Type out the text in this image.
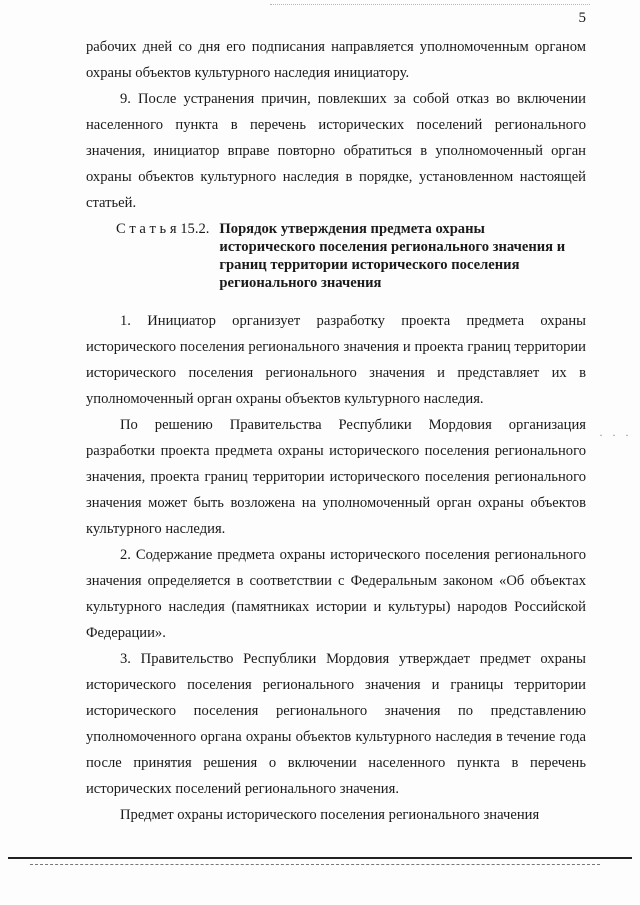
5

рабочих дней со дня его подписания направляется уполномоченным органом охраны объектов культурного наследия инициатору.

9. После устранения причин, повлекших за собой отказ во включении населенного пункта в перечень исторических поселений регионального значения, инициатор вправе повторно обратиться в уполномоченный орган охраны объектов культурного наследия в порядке, установленном настоящей статьей.

С т а т ь я 15.2. Порядок утверждения предмета охраны исторического поселения регионального значения и границ территории исторического поселения регионального значения

1. Инициатор организует разработку проекта предмета охраны исторического поселения регионального значения и проекта границ территории исторического поселения регионального значения и представляет их в уполномоченный орган охраны объектов культурного наследия.

По решению Правительства Республики Мордовия организация разработки проекта предмета охраны исторического поселения регионального значения, проекта границ территории исторического поселения регионального значения может быть возложена на уполномоченный орган охраны объектов культурного наследия.

2. Содержание предмета охраны исторического поселения регионального значения определяется в соответствии с Федеральным законом «Об объектах культурного наследия (памятниках истории и культуры) народов Российской Федерации».

3. Правительство Республики Мордовия утверждает предмет охраны исторического поселения регионального значения и границы территории исторического поселения регионального значения по представлению уполномоченного органа охраны объектов культурного наследия в течение года после принятия решения о включении населенного пункта в перечень исторических поселений регионального значения.

Предмет охраны исторического поселения регионального значения

· · ·
